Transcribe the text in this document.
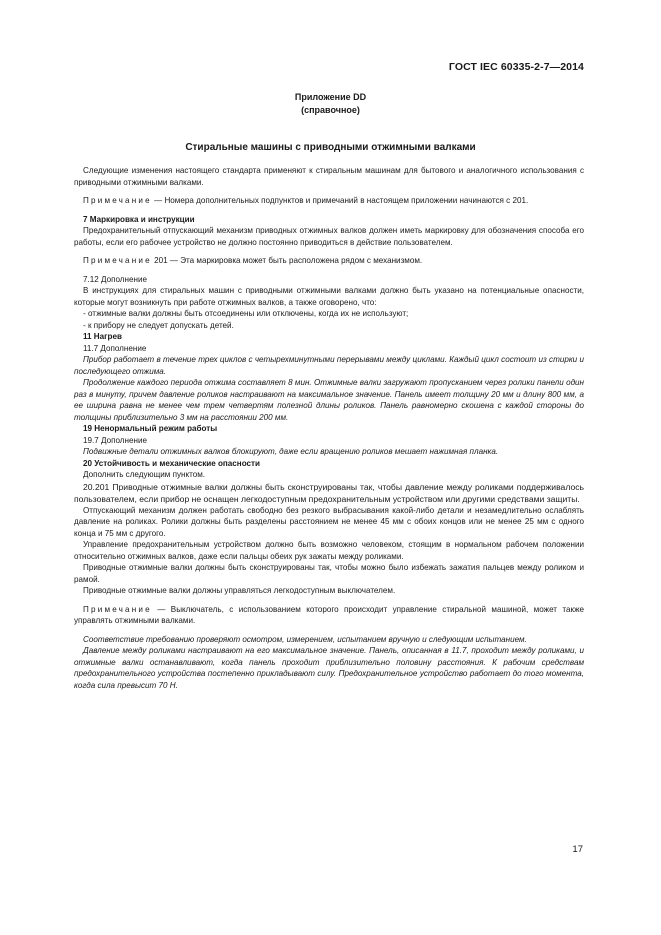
ГОСТ IEC 60335-2-7—2014
Приложение DD
(справочное)
Стиральные машины с приводными отжимными валками

Следующие изменения настоящего стандарта применяют к стиральным машинам для бытового и аналогичного использования с приводными отжимными валками.

Примечание — Номера дополнительных подпунктов и примечаний в настоящем приложении начинаются с 201.

7 Маркировка и инструкции

Предохранительный отпускающий механизм приводных отжимных валков должен иметь маркировку для обозначения способа его работы, если его рабочее устройство не должно постоянно приводиться в действие пользователем.

Примечание 201 — Эта маркировка может быть расположена рядом с механизмом.

7.12 Дополнение

В инструкциях для стиральных машин с приводными отжимными валками должно быть указано на потенциальные опасности, которые могут возникнуть при работе отжимных валков, а также оговорено, что:

- отжимные валки должны быть отсоединены или отключены, когда их не используют;

- к прибору не следует допускать детей.

11 Нагрев

11.7 Дополнение

Прибор работает в течение трех циклов с четырехминутными перерывами между циклами. Каждый цикл состоит из стирки и последующего отжима.

Продолжение каждого периода отжима составляет 8 мин. Отжимные валки загружают пропусканием через ролики панели один раз в минуту, причем давление роликов настраивают на максимальное значение. Панель имеет толщину 20 мм и длину 800 мм, а ее ширина равна не менее чем трем четвертям полезной длины роликов. Панель равномерно скошена с каждой стороны до толщины приблизительно 3 мм на расстоянии 200 мм.

19 Ненормальный режим работы

19.7 Дополнение

Подвижные детали отжимных валков блокируют, даже если вращению роликов мешает нажимная планка.

20 Устойчивость и механические опасности

Дополнить следующим пунктом.

20.201 Приводные отжимные валки должны быть сконструированы так, чтобы давление между роликами поддерживалось пользователем, если прибор не оснащен легкодоступным предохранительным устройством или другими средствами защиты.

Отпускающий механизм должен работать свободно без резкого выбрасывания какой-либо детали и незамедлительно ослаблять давление на роликах. Ролики должны быть разделены расстоянием не менее 45 мм с обоих концов или не менее 25 мм с одного конца и 75 мм с другого.

Управление предохранительным устройством должно быть возможно человеком, стоящим в нормальном рабочем положении относительно отжимных валков, даже если пальцы обеих рук зажаты между роликами.

Приводные отжимные валки должны быть сконструированы так, чтобы можно было избежать зажатия пальцев между роликом и рамой.

Приводные отжимные валки должны управляться легкодоступным выключателем.

Примечание — Выключатель, с использованием которого происходит управление стиральной машиной, может также управлять отжимными валками.

Соответствие требованию проверяют осмотром, измерением, испытанием вручную и следующим испытанием.

Давление между роликами настраивают на его максимальное значение. Панель, описанная в 11.7, проходит между роликами, и отжимные валки останавливают, когда панель проходит приблизительно половину расстояния. К рабочим средствам предохранительного устройства постепенно прикладывают силу. Предохранительное устройство работает до того момента, когда сила превысит 70 Н.

17
